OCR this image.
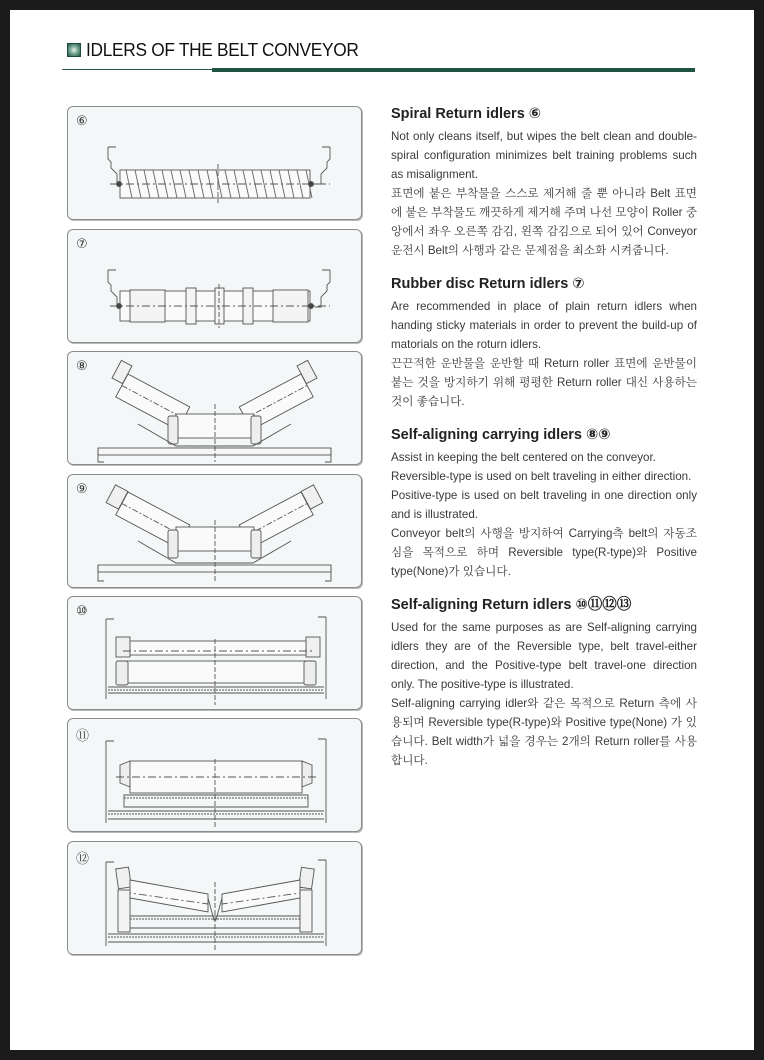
IDLERS OF THE BELT CONVEYOR
⑥
⑦
⑧
⑨
⑩
⑪
⑫
Spiral Return idlers ⑥

Not only cleans itself, but wipes the belt clean and double-spiral configuration minimizes belt training problems such as misalignment.

표면에 붙은 부착물을 스스로 제거해 줄 뿐 아니라 Belt 표면에 붙은 부착물도 깨끗하게 제거해 주며 나선 모양이 Roller 중앙에서 좌우 오른쪽 감김, 왼쪽 감김으로 되어 있어 Conveyor 운전시 Belt의 사행과 같은 문제점을 최소화 시켜줍니다.

Rubber disc Return idlers ⑦

Are recommended in place of plain return idlers when handing sticky materials in order to prevent the build-up of matorials on the roturn idlers.

끈끈적한 운반물을 운반할 때 Return roller 표면에 운반물이 붙는 것을 방지하기 위해 평평한 Return roller 대신 사용하는 것이 좋습니다.

Self-aligning carrying idlers ⑧⑨

Assist in keeping the belt centered on the conveyor.

Reversible-type is used on belt traveling in either direction.

Positive-type is used on belt traveling in one direction only and is illustrated.

Conveyor belt의 사행을 방지하여 Carrying측 belt의 자동조심을 목적으로 하며 Reversible type(R-type)와 Positive type(None)가 있습니다.

Self-aligning Return idlers ⑩⑪⑫⑬

Used for the same purposes as are Self-aligning carrying idlers they are of the Reversible type, belt travel-either direction, and the Positive-type belt travel-one direction only. The positive-type is illustrated.

Self-aligning carrying idler와 같은 목적으로 Return 측에 사용되며 Reversible type(R-type)와 Positive type(None) 가 있습니다. Belt width가 넓을 경우는 2개의 Return roller를 사용합니다.
